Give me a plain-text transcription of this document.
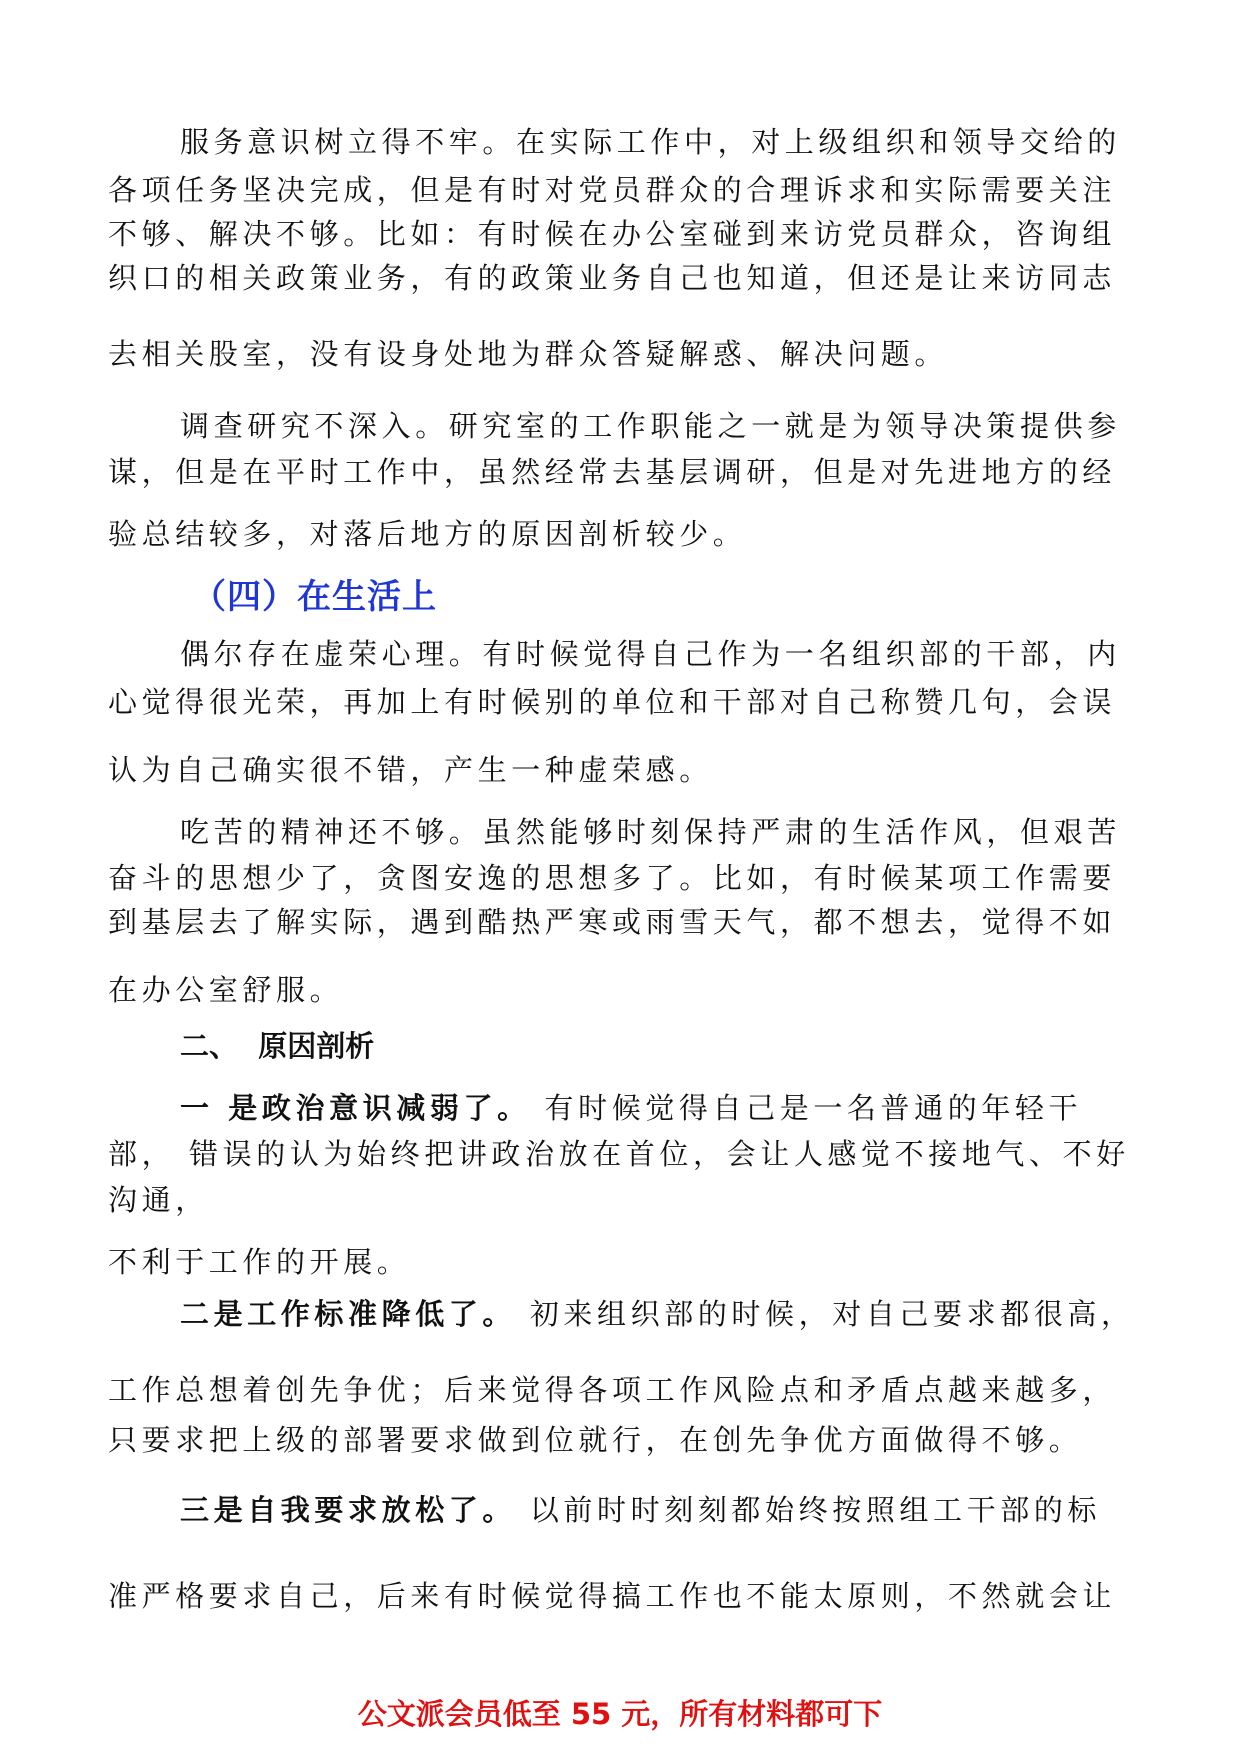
服务意识树立得不牢。在实际工作中，对上级组织和领导交给的

各项任务坚决完成，但是有时对党员群众的合理诉求和实际需要关注

不够、解决不够。比如：有时候在办公室碰到来访党员群众，咨询组

织口的相关政策业务，有的政策业务自己也知道，但还是让来访同志

去相关股室，没有设身处地为群众答疑解惑、解决问题。

调查研究不深入。研究室的工作职能之一就是为领导决策提供参

谋，但是在平时工作中，虽然经常去基层调研，但是对先进地方的经

验总结较多，对落后地方的原因剖析较少。

（四）在生活上

偶尔存在虚荣心理。有时候觉得自己作为一名组织部的干部，内

心觉得很光荣，再加上有时候别的单位和干部对自己称赞几句，会误

认为自己确实很不错，产生一种虚荣感。

吃苦的精神还不够。虽然能够时刻保持严肃的生活作风，但艰苦

奋斗的思想少了，贪图安逸的思想多了。比如，有时候某项工作需要

到基层去了解实际，遇到酷热严寒或雨雪天气，都不想去，觉得不如

在办公室舒服。

二、  原因剖析

一 是政治意识减弱了。 有时候觉得自己是一名普通的年轻干

部， 错误的认为始终把讲政治放在首位，会让人感觉不接地气、不好

沟通，

不利于工作的开展。

二是工作标准降低了。 初来组织部的时候，对自己要求都很高，

工作总想着创先争优；后来觉得各项工作风险点和矛盾点越来越多，

只要求把上级的部署要求做到位就行，在创先争优方面做得不够。

三是自我要求放松了。 以前时时刻刻都始终按照组工干部的标

准严格要求自己，后来有时候觉得搞工作也不能太原则，不然就会让

公文派会员低至 55 元，所有材料都可下
